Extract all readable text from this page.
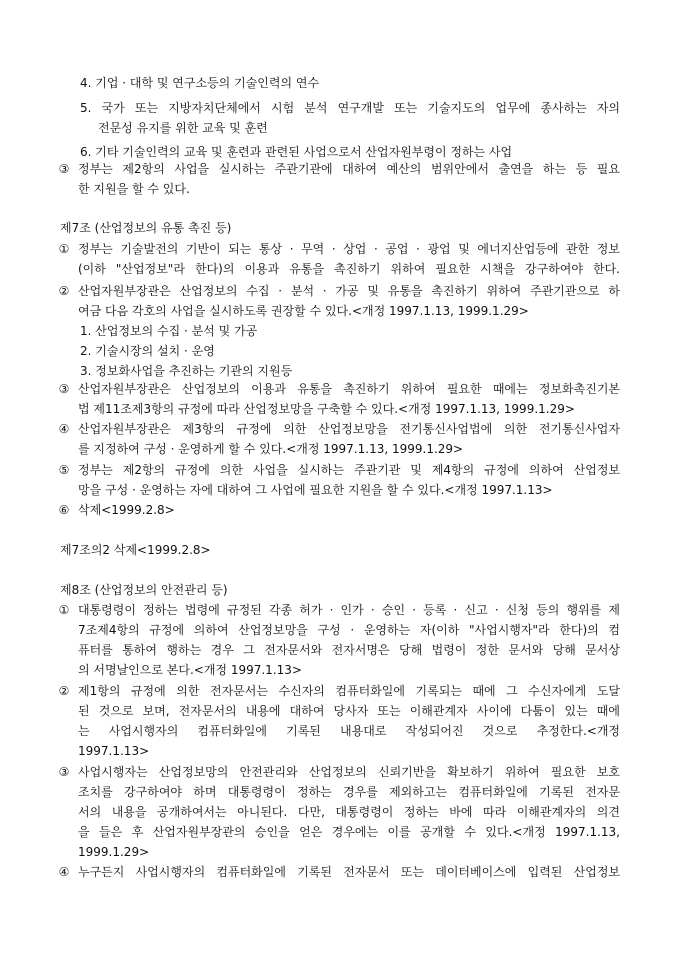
4. 기업 · 대학 및 연구소등의 기술인력의 연수
5. 국가 또는 지방자치단체에서 시험 분석 연구개발 또는 기술지도의 업무에 종사하는 자의
전문성 유지를 위한 교육 및 훈련
6. 기타 기술인력의 교육 및 훈련과 관련된 사업으로서 산업자원부령이 정하는 사업
③ 정부는 제2항의 사업을 실시하는 주관기관에 대하여 예산의 범위안에서 출연을 하는 등 필요
한 지원을 할 수 있다.
제7조 (산업정보의 유통 촉진 등)
① 정부는 기술발전의 기반이 되는 통상 · 무역 · 상업 · 공업 · 광업 및 에너지산업등에 관한 정보
(이하 "산업정보"라 한다)의 이용과 유통을 촉진하기 위하여 필요한 시책을 강구하여야 한다.
② 산업자원부장관은 산업정보의 수집 · 분석 · 가공 및 유통을 촉진하기 위하여 주관기관으로 하
여금 다음 각호의 사업을 실시하도록 권장할 수 있다.<개정 1997.1.13, 1999.1.29>
1. 산업정보의 수집 · 분석 및 가공
2. 기술시장의 설치 · 운영
3. 정보화사업을 추진하는 기관의 지원등
③ 산업자원부장관은 산업정보의 이용과 유통을 촉진하기 위하여 필요한 때에는 정보화촉진기본
법 제11조제3항의 규정에 따라 산업정보망을 구축할 수 있다.<개정 1997.1.13, 1999.1.29>
④ 산업자원부장관은 제3항의 규정에 의한 산업정보망을 전기통신사업법에 의한 전기통신사업자
를 지정하여 구성 · 운영하게 할 수 있다.<개정 1997.1.13, 1999.1.29>
⑤ 정부는 제2항의 규정에 의한 사업을 실시하는 주관기관 및 제4항의 규정에 의하여 산업정보
망을 구성 · 운영하는 자에 대하여 그 사업에 필요한 지원을 할 수 있다.<개정 1997.1.13>
⑥ 삭제<1999.2.8>
제7조의2 삭제<1999.2.8>
제8조 (산업정보의 안전관리 등)
① 대통령령이 정하는 법령에 규정된 각종 허가 · 인가 · 승인 · 등록 · 신고 · 신청 등의 행위를 제
7조제4항의 규정에 의하여 산업정보망을 구성 · 운영하는 자(이하 "사업시행자"라 한다)의 컴
퓨터를 통하여 행하는 경우 그 전자문서와 전자서명은 당해 법령이 정한 문서와 당해 문서상
의 서명날인으로 본다.<개정 1997.1.13>
② 제1항의 규정에 의한 전자문서는 수신자의 컴퓨터화일에 기록되는 때에 그 수신자에게 도달
된 것으로 보며, 전자문서의 내용에 대하여 당사자 또는 이해관계자 사이에 다툼이 있는 때에
는 사업시행자의 컴퓨터화일에 기록된 내용대로 작성되어진 것으로 추정한다.<개정
1997.1.13>
③ 사업시행자는 산업정보망의 안전관리와 산업정보의 신뢰기반을 확보하기 위하여 필요한 보호
조치를 강구하여야 하며 대통령령이 정하는 경우를 제외하고는 컴퓨터화일에 기록된 전자문
서의 내용을 공개하여서는 아니된다. 다만, 대통령령이 정하는 바에 따라 이해관계자의 의견
을 들은 후 산업자원부장관의 승인을 얻은 경우에는 이를 공개할 수 있다.<개정 1997.1.13,
1999.1.29>
④ 누구든지 사업시행자의 컴퓨터화일에 기록된 전자문서 또는 데이터베이스에 입력된 산업정보
